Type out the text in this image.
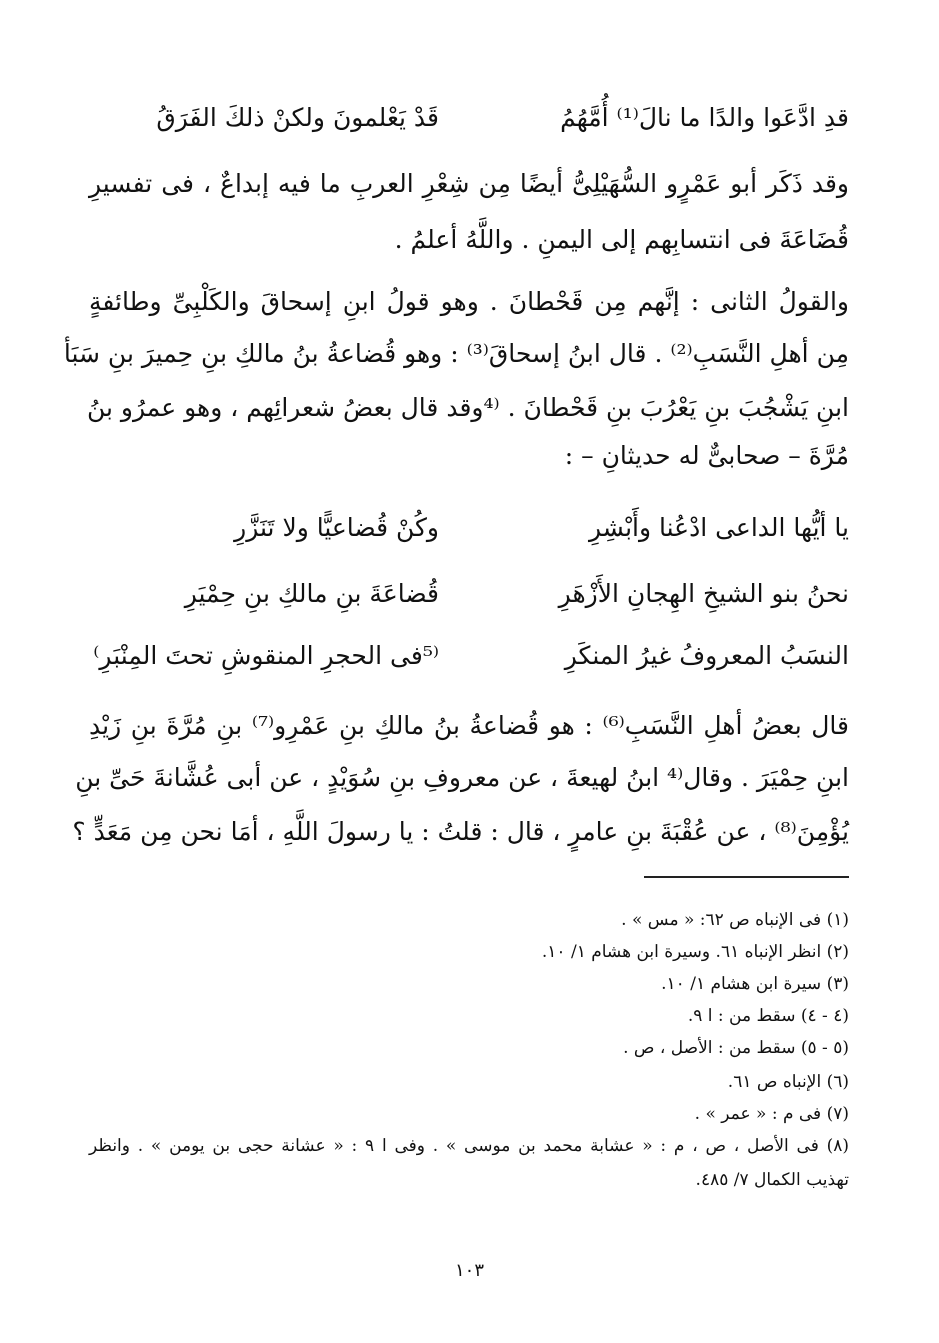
قدِ ادَّعَوا والدًا ما نالَ⁽¹⁾ أُمَّهُمُ
قَدْ يَعْلمونَ ولكنْ ذلكَ الفَرَقُ
وقد ذَكَر أبو عَمْرٍو السُّهَيْلِىُّ أيضًا مِن شِعْرِ العربِ ما فيه إبداعٌ ، فى تفسيرِ
قُضَاعَةَ فى انتسابِهم إلى اليمنِ . واللَّهُ أعلمُ .
والقولُ الثانى : إنَّهم مِن قَحْطانَ . وهو قولُ ابنِ إسحاقَ والكَلْبِىِّ وطائفةٍ
مِن أهلِ النَّسَبِ⁽²⁾ . قال ابنُ إسحاقَ⁽³⁾ : وهو قُضاعةُ بنُ مالكِ بنِ حِميرَ بنِ سَبَأ
ابنِ يَشْجُبَ بنِ يَعْرُبَ بنِ قَحْطانَ . ⁽⁴وقد قال بعضُ شعرائِهم ، وهو عمرُو بنُ
مُرَّةَ – صحابىٌّ له حديثانِ – :
يا أيُّها الداعى ادْعُنا وأَبْشِرِ
وكُنْ قُضاعيًّا ولا تَنَزَّرِ
نحنُ بنو الشيخِ الهِجانِ الأَزْهَرِ
قُضاعَةَ بنِ مالكِ بنِ حِمْيَرِ
النسَبُ المعروفُ غيرُ المنكَرِ
⁽⁵فى الحجرِ المنقوشِ تحتَ المِنْبَرِ⁾
قال بعضُ أهلِ النَّسَبِ⁽⁶⁾ : هو قُضاعةُ بنُ مالكِ بنِ عَمْرِو⁽⁷⁾ بنِ مُرَّةَ بنِ زَيْدِ
ابنِ حِمْيَرَ . وقال⁽⁴ ابنُ لهيعةَ ، عن معروفِ بنِ سُوَيْدٍ ، عن أبى عُشَّانةَ حَىِّ بنِ
يُؤْمِنَ⁽⁸⁾ ، عن عُقْبَةَ بنِ عامرٍ ، قال : قلتُ : يا رسولَ اللَّهِ ، أمَا نحن مِن مَعَدٍّ ؟
(١) فى الإنباه ص ٦٢: « مس » .
(٢) انظر الإنباه ٦١. وسيرة ابن هشام ١/ ١٠.
(٣) سيرة ابن هشام ١/ ١٠.
(٤ - ٤) سقط من : ا ٩.
(٥ - ٥) سقط من : الأصل ، ص .
(٦) الإنباه ص ٦١.
(٧) فى م : « عمر » .
(٨) فى الأصل ، ص ، م : « عشابة محمد بن موسى » . وفى ا ٩ : « عشانة حجى بن يومن » . وانظر
تهذيب الكمال ٧/ ٤٨٥.
١٠٣
